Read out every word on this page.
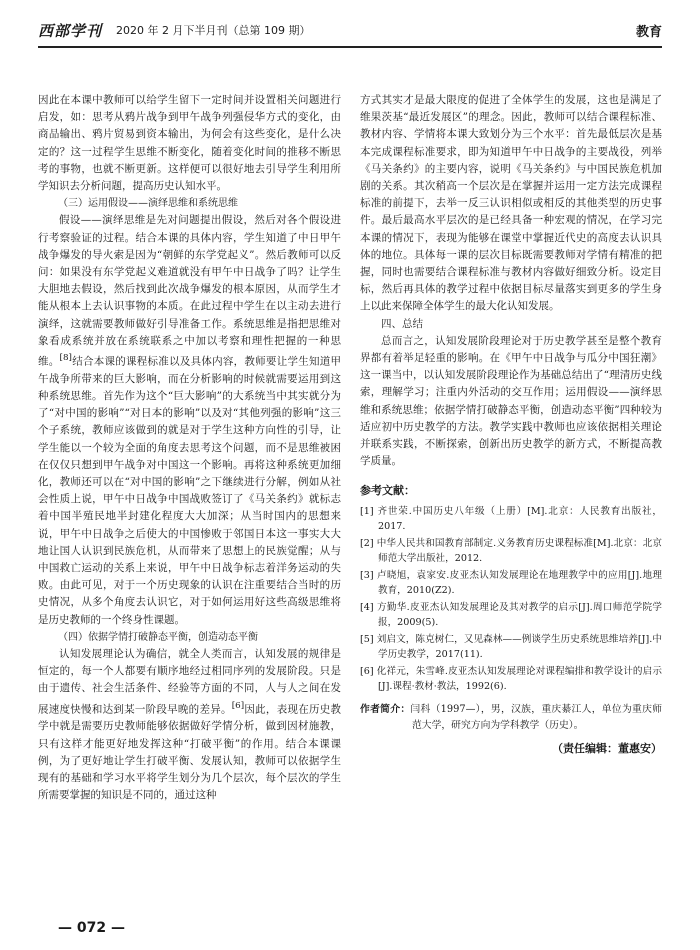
西部学刊 2020 年 2 月下半月刊（总第 109 期）	教育

因此在本课中教师可以给学生留下一定时间并设置相关问题进行启发，如：思考从鸦片战争到甲午战争列强侵华方式的变化，由商品输出、鸦片贸易到资本输出，为何会有这些变化，是什么决定的？这一过程学生思维不断变化，随着变化时间的推移不断思考的事物，也就不断更新。这样便可以很好地去引导学生利用所学知识去分析问题，提高历史认知水平。

（三）运用假设——演绎思维和系统思维

假设——演绎思维是先对问题提出假设，然后对各个假设进行考察验证的过程。结合本课的具体内容，学生知道了中日甲午战争爆发的导火索是因为“朝鲜的东学党起义”。然后教师可以反问：如果没有东学党起义难道就没有甲午中日战争了吗？让学生大胆地去假设，然后找到此次战争爆发的根本原因，从而学生才能从根本上去认识事物的本质。在此过程中学生在以主动去进行演绎，这就需要教师做好引导准备工作。系统思维是指把思维对象看成系统并放在系统联系之中加以考察和理性把握的一种思维。[8]结合本课的课程标准以及具体内容，教师要让学生知道甲午战争所带来的巨大影响，而在分析影响的时候就需要运用到这种系统思维。首先作为这个“巨大影响”的大系统当中其实就分为了“对中国的影响”“对日本的影响”以及对“其他列强的影响”这三个子系统，教师应该做到的就是对于学生这种方向性的引导，让学生能以一个较为全面的角度去思考这个问题，而不是思维被困在仅仅只想到甲午战争对中国这一个影响。再将这种系统更加细化，教师还可以在“对中国的影响”之下继续进行分解，例如从社会性质上说，甲午中日战争中国战败签订了《马关条约》就标志着中国半殖民地半封建化程度大大加深；从当时国内的思想来说，甲午中日战争之后使大的中国惨败于邻国日本这一事实大大地让国人认识到民族危机，从而带来了思想上的民族觉醒；从与中国救亡运动的关系上来说，甲午中日战争标志着洋务运动的失败。由此可见，对于一个历史现象的认识在注重要结合当时的历史情况，从多个角度去认识它，对于如何运用好这些高级思维将是历史教师的一个终身性课题。

（四）依据学情打破静态平衡，创造动态平衡

认知发展理论认为确信，就全人类而言，认知发展的规律是恒定的，每一个人都要有顺序地经过相同序列的发展阶段。只是由于遗传、社会生活条件、经验等方面的不同，人与人之间在发展速度快慢和达到某一阶段早晚的差异。[6]因此，表现在历史教学中就是需要历史教师能够依据做好学情分析，做到因材施教，只有这样才能更好地发挥这种“打破平衡”的作用。结合本课课例，为了更好地让学生打破平衡、发展认知，教师可以依据学生现有的基础和学习水平将学生划分为几个层次，每个层次的学生所需要掌握的知识是不同的，通过这种

方式其实才是最大限度的促进了全体学生的发展，这也是满足了维果茨基“最近发展区”的理念。因此，教师可以结合课程标准、教材内容、学情将本课大致划分为三个水平：首先最低层次是基本完成课程标准要求，即为知道甲午中日战争的主要战役，列举《马关条约》的主要内容，说明《马关条约》与中国民族危机加剧的关系。其次稍高一个层次是在掌握并运用一定方法完成课程标准的前提下，去举一反三认识相似或相反的其他类型的历史事件。最后最高水平层次的是已经具备一种宏观的情况，在学习完本课的情况下，表现为能够在课堂中掌握近代史的高度去认识具体的地位。具体每一课的层次目标既需要教师对学情有精准的把握，同时也需要结合课程标准与教材内容做好细致分析。设定目标，然后再具体的教学过程中依据目标尽量落实到更多的学生身上以此来保障全体学生的最大化认知发展。

四、总结

总而言之，认知发展阶段理论对于历史教学甚至是整个教育界都有着举足轻重的影响。在《甲午中日战争与瓜分中国狂潮》这一课当中，以认知发展阶段理论作为基础总结出了“理清历史线索，理解学习；注重内外活动的交互作用；运用假设——演绎思维和系统思维；依据学情打破静态平衡，创造动态平衡”四种较为适应初中历史教学的方法。教学实践中教师也应该依据相关理论并联系实践，不断探索，创新出历史教学的新方式，不断提高教学质量。

参考文献：
[1] 齐世荣.中国历史八年级（上册）[M].北京：人民教育出版社，2017.
[2] 中华人民共和国教育部制定.义务教育历史课程标准[M].北京：北京师范大学出版社，2012.
[3] 卢晓旭，袁家安.皮亚杰认知发展理论在地理教学中的应用[J].地理教育，2010(Z2).
[4] 方勤华.皮亚杰认知发展理论及其对教学的启示[J].周口师范学院学报，2009(5).
[5] 刘启文，陈克树仁，又见森林——例谈学生历史系统思维培养[J].中学历史教学，2017(11).
[6] 化祥元，朱雪峰.皮亚杰认知发展理论对课程编排和教学设计的启示[J].课程·教材·教法，1992(6).
作者简介：闫科（1997—），男，汉族，重庆綦江人，单位为重庆师范大学，研究方向为学科教学（历史）。
（责任编辑：董惠安）
— 072 —
